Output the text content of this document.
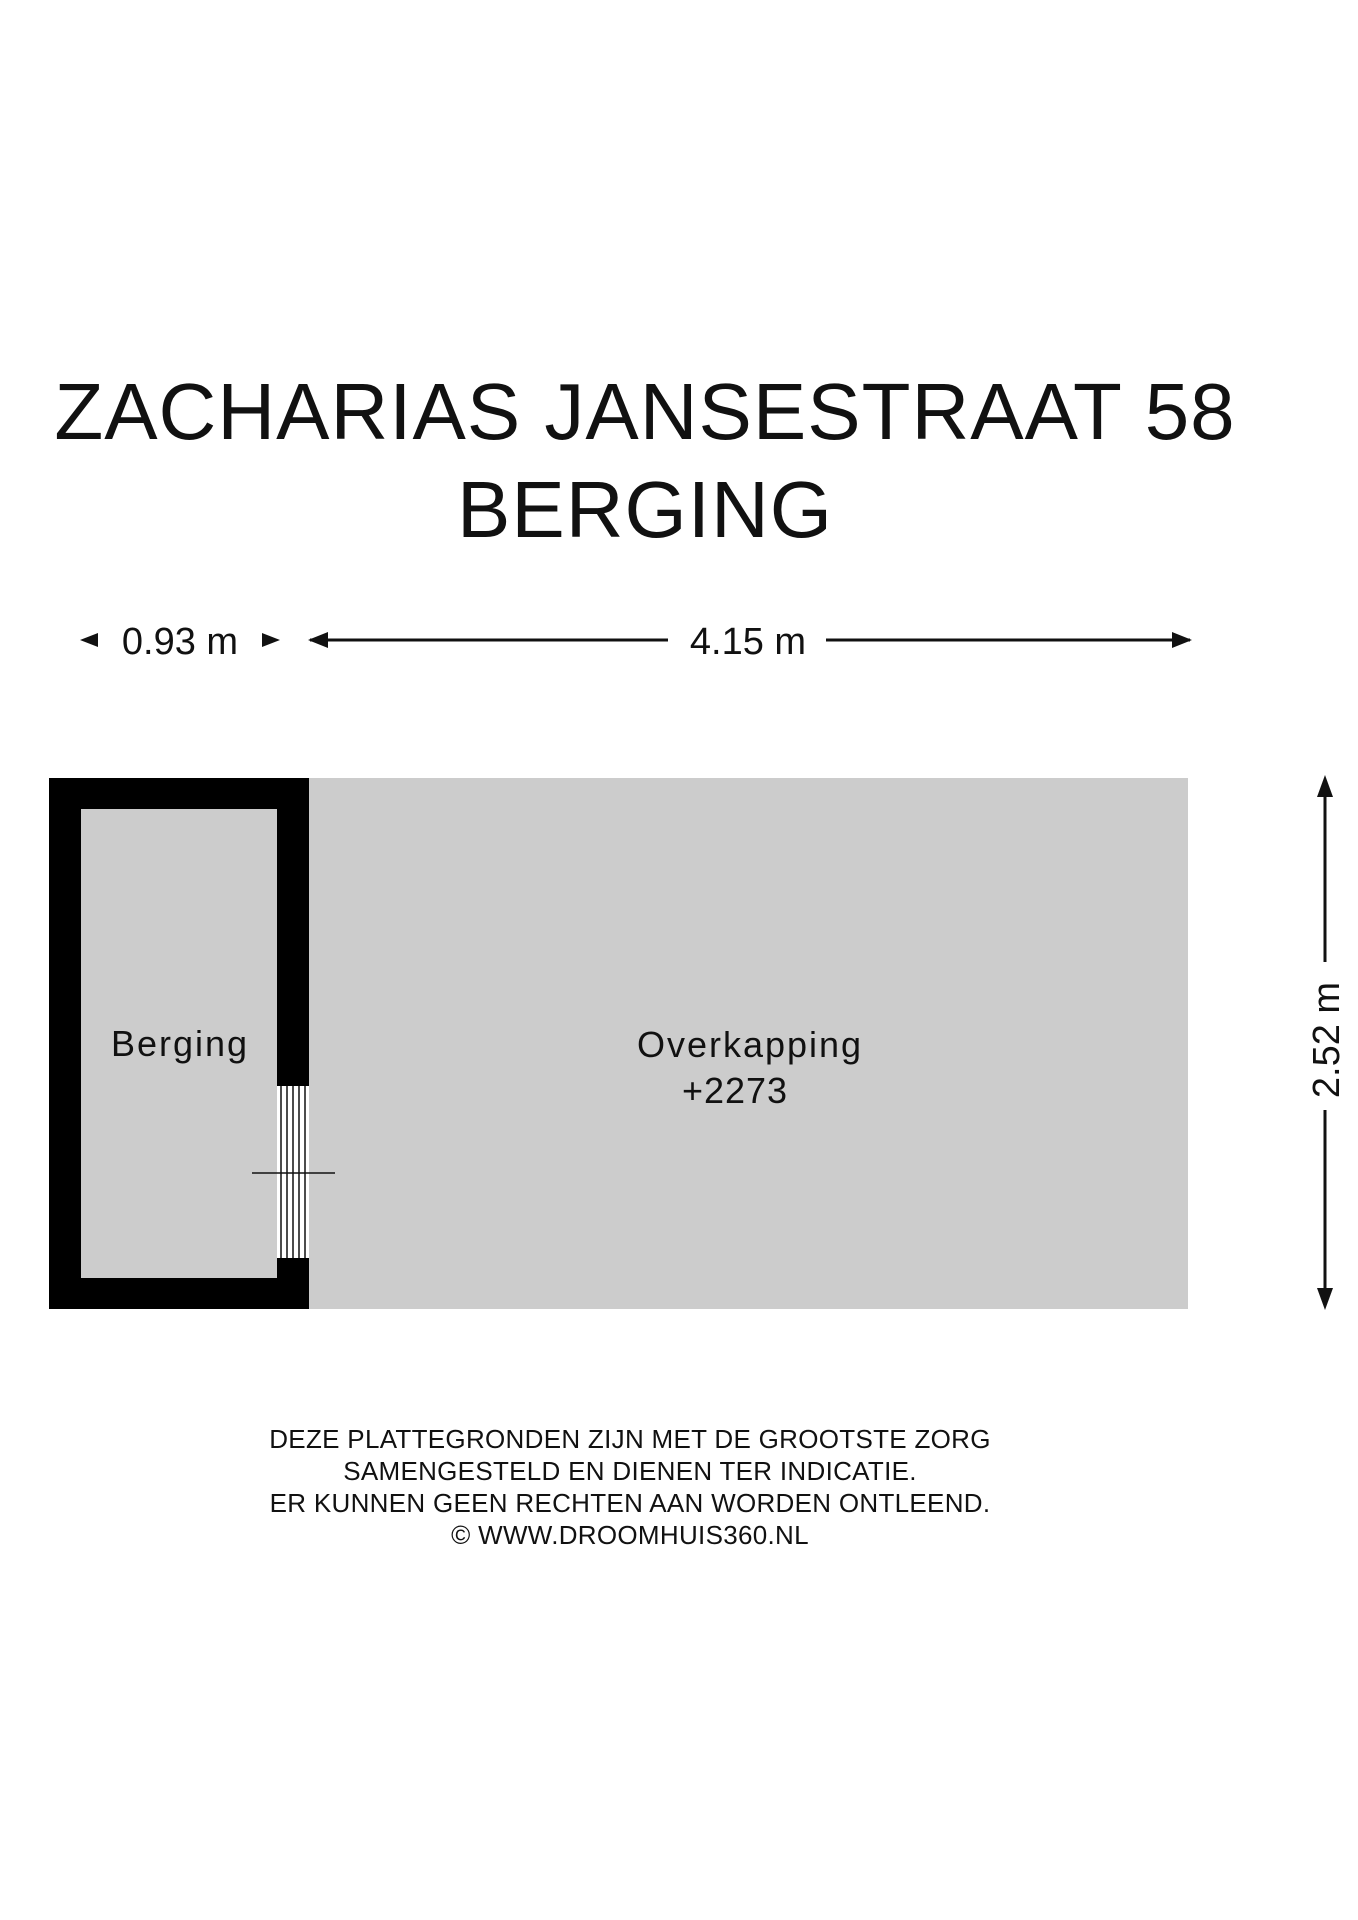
ZACHARIAS JANSESTRAAT 58
BERGING
0.93 m	4.15 m
Berging	Overkapping
+2273	2.52 m
DEZE PLATTEGRONDEN ZIJN MET DE GROOTSTE ZORG
SAMENGESTELD EN DIENEN TER INDICATIE.
ER KUNNEN GEEN RECHTEN AAN WORDEN ONTLEEND.
© WWW.DROOMHUIS360.NL
